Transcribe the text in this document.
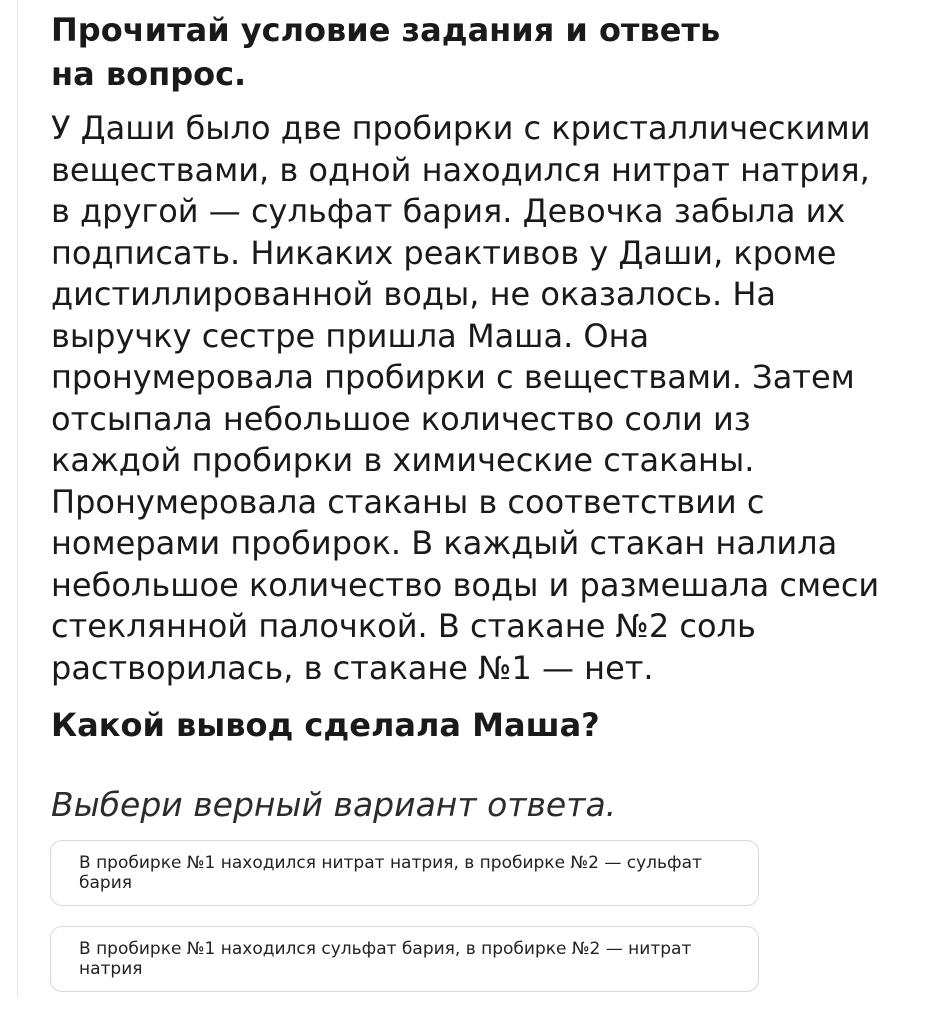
Прочитай условие задания и ответь на вопрос.

У Даши было две пробирки с кристаллическими веществами, в одной находился нитрат натрия, в другой — сульфат бария. Девочка забыла их подписать. Никаких реактивов у Даши, кроме дистиллированной воды, не оказалось. На выручку сестре пришла Маша. Она пронумеровала пробирки с веществами. Затем отсыпала небольшое количество соли из каждой пробирки в химические стаканы. Пронумеровала стаканы в соответствии с номерами пробирок. В каждый стакан налила небольшое количество воды и размешала смеси стеклянной палочкой. В стакане №2 соль растворилась, в стакане №1 — нет.

Какой вывод сделала Маша?

Выбери верный вариант ответа.

В пробирке №1 находился нитрат натрия, в пробирке №2 — сульфат бария
В пробирке №1 находился сульфат бария, в пробирке №2 — нитрат натрия
